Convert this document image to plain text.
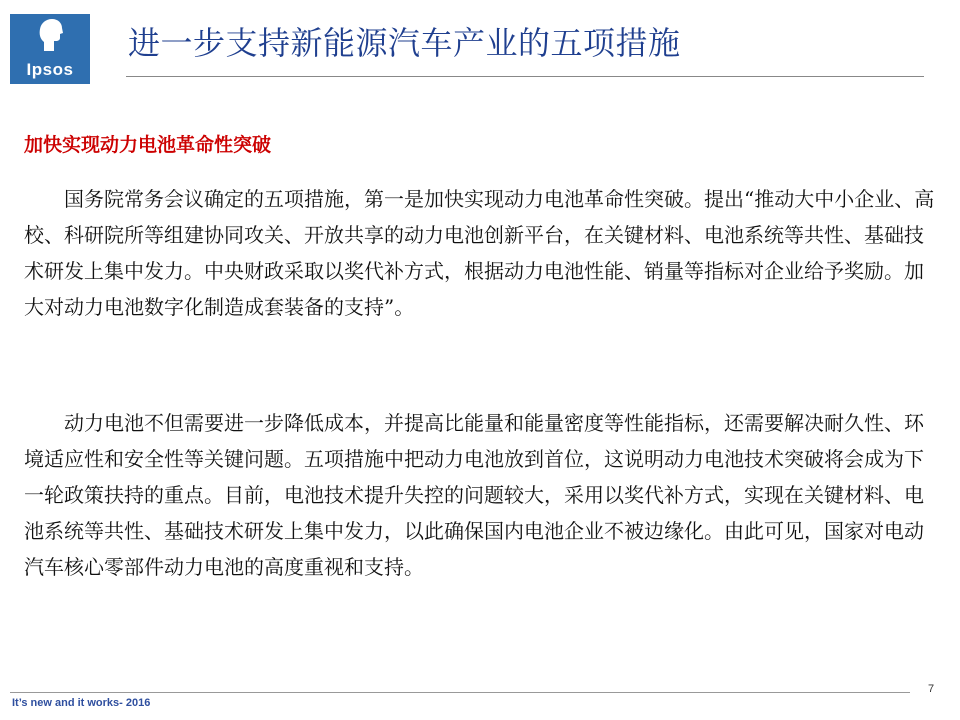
Ipsos
进一步支持新能源汽车产业的五项措施
加快实现动力电池革命性突破

　　国务院常务会议确定的五项措施，第一是加快实现动力电池革命性突破。提出“推动大中小企业、高校、科研院所等组建协同攻关、开放共享的动力电池创新平台，在关键材料、电池系统等共性、基础技术研发上集中发力。中央财政采取以奖代补方式，根据动力电池性能、销量等指标对企业给予奖励。加大对动力电池数字化制造成套装备的支持”。

　　动力电池不但需要进一步降低成本，并提高比能量和能量密度等性能指标，还需要解决耐久性、环境适应性和安全性等关键问题。五项措施中把动力电池放到首位，这说明动力电池技术突破将会成为下一轮政策扶持的重点。目前，电池技术提升失控的问题较大，采用以奖代补方式，实现在关键材料、电池系统等共性、基础技术研发上集中发力，以此确保国内电池企业不被边缘化。由此可见，国家对电动汽车核心零部件动力电池的高度重视和支持。

It’s new and it works- 2016
7
